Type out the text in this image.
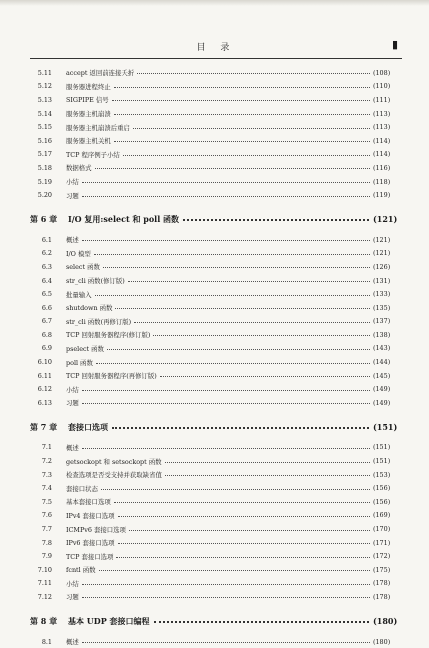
目 录	▮
5.11 accept 返回前连接夭折	(108)
5.12 服务器进程终止	(110)
5.13 SIGPIPE 信号	(111)
5.14 服务器主机崩溃	(113)
5.15 服务器主机崩溃后重启	(113)
5.16 服务器主机关机	(114)
5.17 TCP 程序例子小结	(114)
5.18 数据格式	(116)
5.19 小结	(118)
5.20 习题	(119)
第 6 章	I/O 复用:select 和 poll 函数	(121)
6.1 概述	(121)
6.2 I/O 模型	(121)
6.3 select 函数	(126)
6.4 str_cli 函数(修订版)	(131)
6.5 批量输入	(133)
6.6 shutdown 函数	(135)
6.7 str_cli 函数(再修订版)	(137)
6.8 TCP 回射服务器程序(修订版)	(138)
6.9 pselect 函数	(143)
6.10 poll 函数	(144)
6.11 TCP 回射服务器程序(再修订版)	(145)
6.12 小结	(149)
6.13 习题	(149)
第 7 章	套接口选项	(151)
7.1 概述	(151)
7.2 getsockopt 和 setsockopt 函数	(151)
7.3 检查选项是否受支持并获取缺省值	(153)
7.4 套接口状态	(156)
7.5 基本套接口选项	(156)
7.6 IPv4 套接口选项	(169)
7.7 ICMPv6 套接口选项	(170)
7.8 IPv6 套接口选项	(171)
7.9 TCP 套接口选项	(172)
7.10 fcntl 函数	(175)
7.11 小结	(178)
7.12 习题	(178)
第 8 章	基本 UDP 套接口编程	(180)
8.1 概述	(180)
